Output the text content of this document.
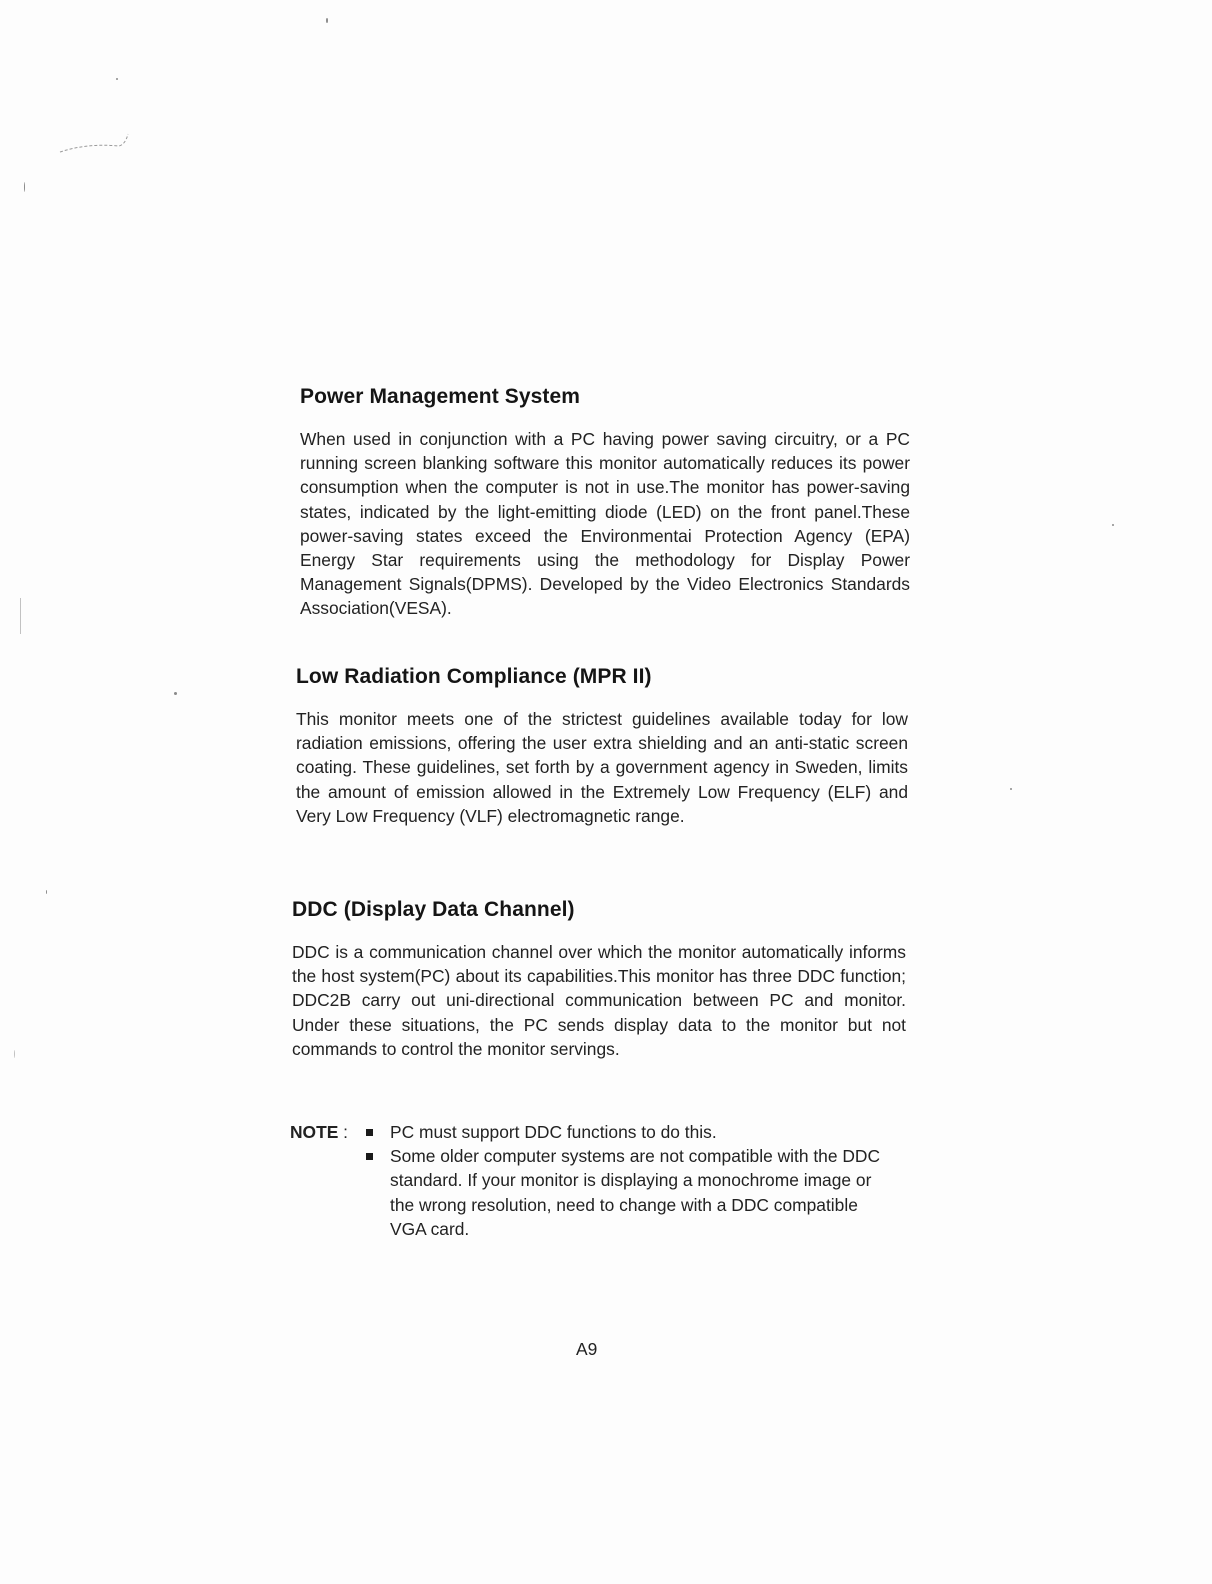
Power Management System

When used in conjunction with a PC having power saving circuitry, or a PC running screen blanking software this monitor automatically reduces its power consumption when the computer is not in use.The monitor has power-saving states, indicated by the light-emitting diode (LED) on the front panel.These power-saving states exceed the Environmentai Protection Agency (EPA) Energy Star requirements using the methodology for Display Power Management Signals(DPMS). Developed by the Video Electronics Standards Association(VESA).

Low Radiation Compliance (MPR II)

This monitor meets one of the strictest guidelines available today for low radiation emissions, offering the user extra shielding and an anti-static screen coating. These guidelines, set forth by a government agency in Sweden, limits the amount of emission allowed in the Extremely Low Frequency (ELF) and Very Low Frequency (VLF) electromagnetic range.

DDC (Display Data Channel)

DDC is a communication channel over which the monitor automatically informs the host system(PC) about its capabilities.This monitor has three DDC function; DDC2B carry out uni-directional communication between PC and monitor. Under these situations, the PC sends display data to the monitor but not commands to control the monitor servings.

NOTE :	PC must support DDC functions to do this.
Some older computer systems are not compatible with the DDC standard. If your monitor is displaying a monochrome image or the wrong resolution, need to change with a DDC compatible VGA card.
A9
